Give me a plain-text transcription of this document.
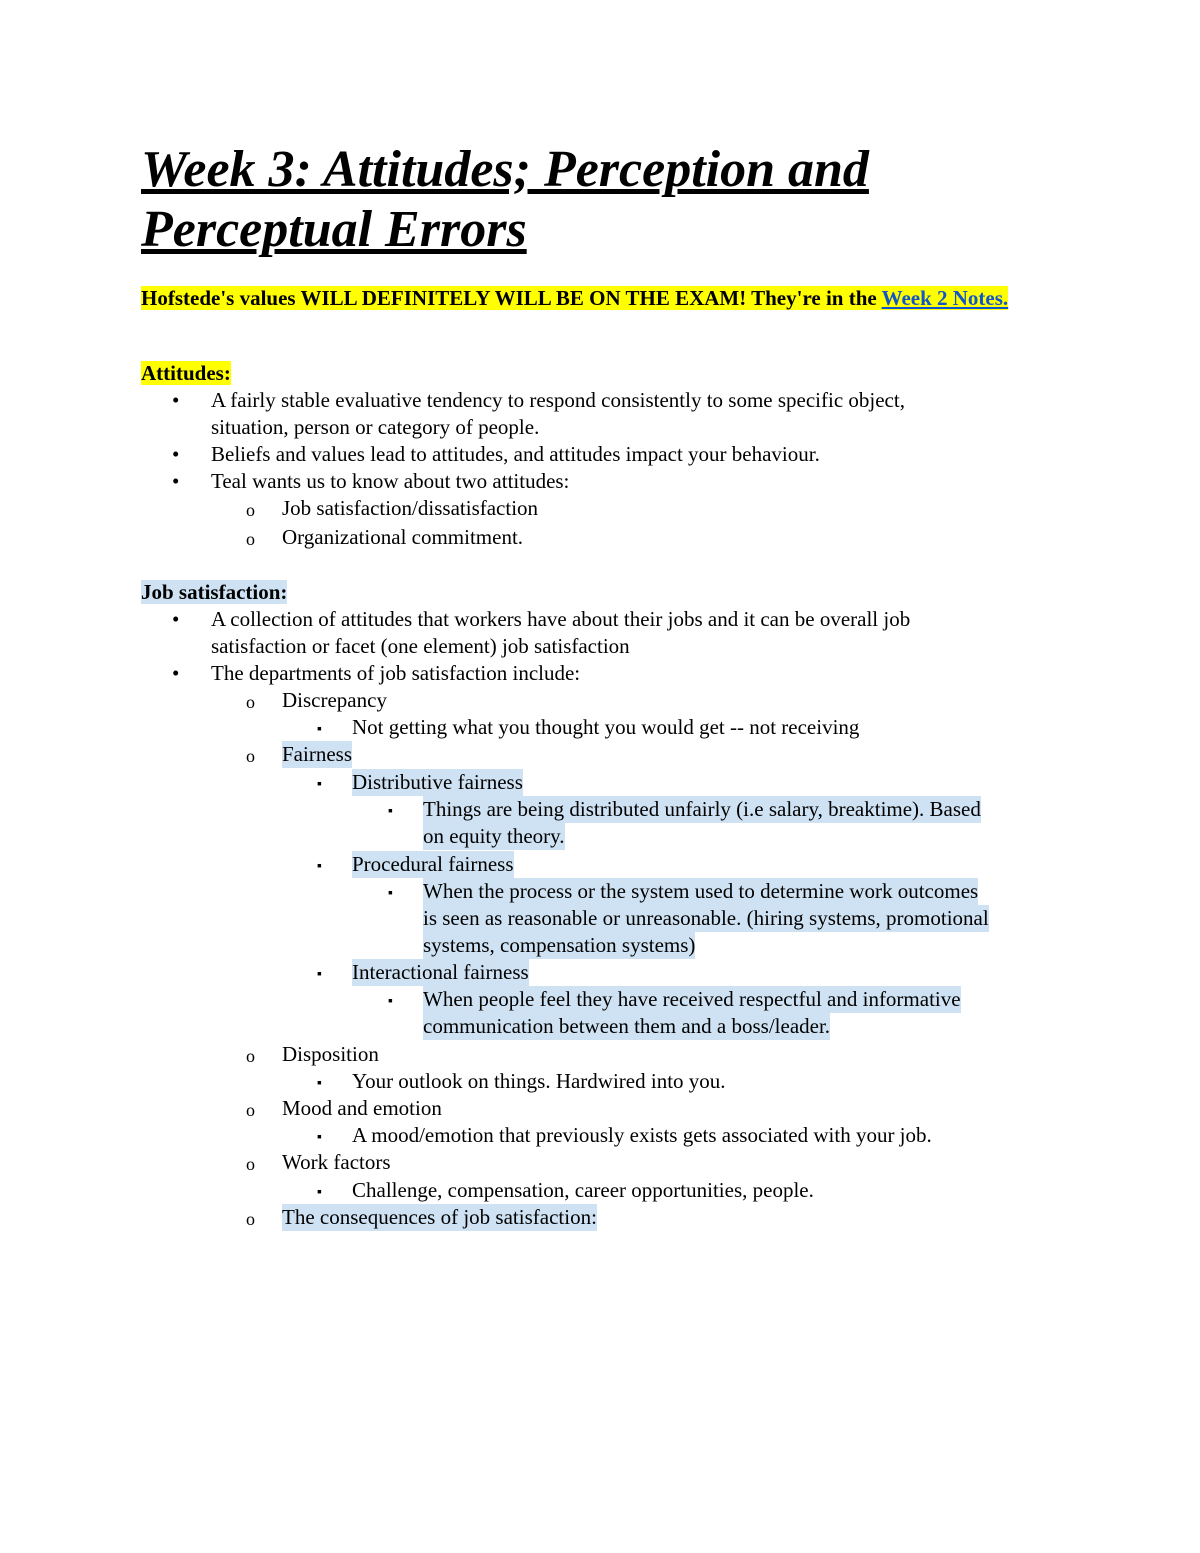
Week 3: Attitudes; Perception and Perceptual Errors
Hofstede's values WILL DEFINITELY WILL BE ON THE EXAM! They're in the Week 2 Notes.
Attitudes:
• A fairly stable evaluative tendency to respond consistently to some specific object,
situation, person or category of people.
• Beliefs and values lead to attitudes, and attitudes impact your behaviour.
• Teal wants us to know about two attitudes:
o Job satisfaction/dissatisfaction
o Organizational commitment.
Job satisfaction:
• A collection of attitudes that workers have about their jobs and it can be overall job
satisfaction or facet (one element) job satisfaction
• The departments of job satisfaction include:
o Discrepancy
▪ Not getting what you thought you would get -- not receiving
o Fairness
▪ Distributive fairness
▪ Things are being distributed unfairly (i.e salary, breaktime). Based
on equity theory.
▪ Procedural fairness
▪ When the process or the system used to determine work outcomes
is seen as reasonable or unreasonable. (hiring systems, promotional
systems, compensation systems)
▪ Interactional fairness
▪ When people feel they have received respectful and informative
communication between them and a boss/leader.
o Disposition
▪ Your outlook on things. Hardwired into you.
o Mood and emotion
▪ A mood/emotion that previously exists gets associated with your job.
o Work factors
▪ Challenge, compensation, career opportunities, people.
o The consequences of job satisfaction:
